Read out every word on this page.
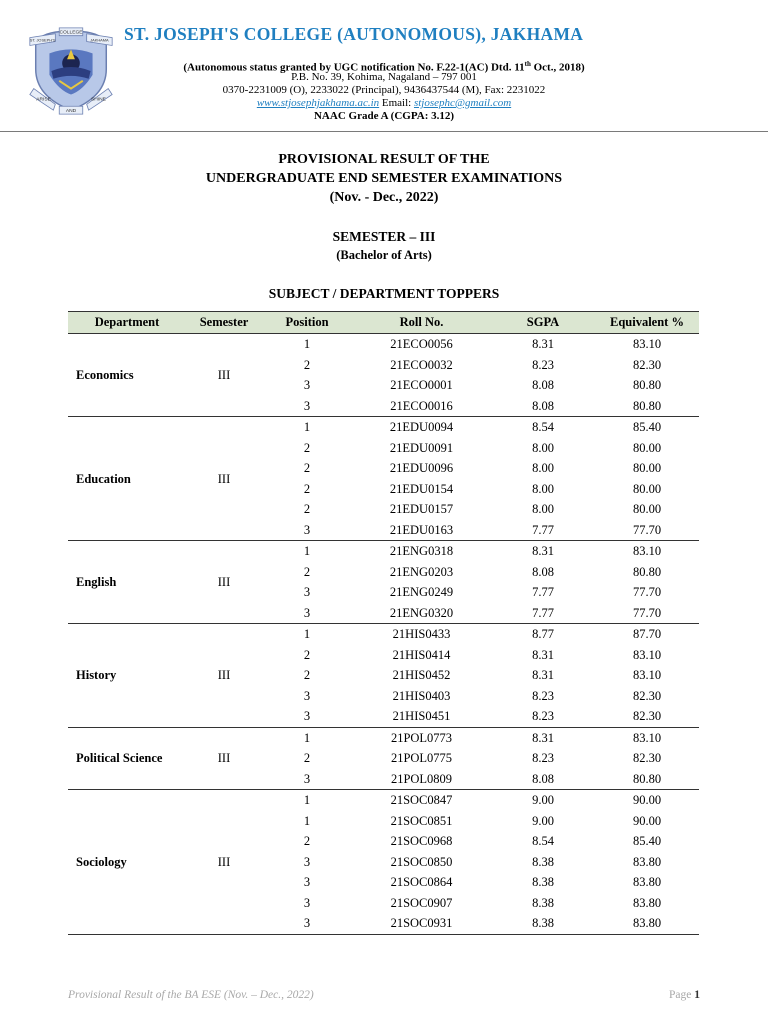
ST. JOSEPH'S
COLLEGE
JAKHAMA
ARISE
AND
SHINE
ST. JOSEPH'S COLLEGE (AUTONOMOUS), JAKHAMA
(Autonomous status granted by UGC notification No. F.22-1(AC) Dtd. 11th Oct., 2018)
P.B. No. 39, Kohima, Nagaland – 797 001
0370-2231009 (O), 2233022 (Principal), 9436437544 (M), Fax: 2231022
www.stjosephjakhama.ac.in Email: stjosephc@gmail.com
NAAC Grade A (CGPA: 3.12)
PROVISIONAL RESULT OF THE
UNDERGRADUATE END SEMESTER EXAMINATIONS
(Nov. - Dec., 2022)
SEMESTER – III
(Bachelor of Arts)
SUBJECT / DEPARTMENT TOPPERS
Department	Semester	Position	Roll No.	SGPA	Equivalent %
Economics	III	1	21ECO0056	8.31	83.10
		2	21ECO0032	8.23	82.30
		3	21ECO0001	8.08	80.80
		3	21ECO0016	8.08	80.80
Education	III	1	21EDU0094	8.54	85.40
		2	21EDU0091	8.00	80.00
		2	21EDU0096	8.00	80.00
		2	21EDU0154	8.00	80.00
		2	21EDU0157	8.00	80.00
		3	21EDU0163	7.77	77.70
English	III	1	21ENG0318	8.31	83.10
		2	21ENG0203	8.08	80.80
		3	21ENG0249	7.77	77.70
		3	21ENG0320	7.77	77.70
History	III	1	21HIS0433	8.77	87.70
		2	21HIS0414	8.31	83.10
		2	21HIS0452	8.31	83.10
		3	21HIS0403	8.23	82.30
		3	21HIS0451	8.23	82.30
Political Science	III	1	21POL0773	8.31	83.10
		2	21POL0775	8.23	82.30
		3	21POL0809	8.08	80.80
Sociology	III	1	21SOC0847	9.00	90.00
		1	21SOC0851	9.00	90.00
		2	21SOC0968	8.54	85.40
		3	21SOC0850	8.38	83.80
		3	21SOC0864	8.38	83.80
		3	21SOC0907	8.38	83.80
		3	21SOC0931	8.38	83.80
Provisional Result of the BA ESE (Nov. – Dec., 2022)	Page 1
